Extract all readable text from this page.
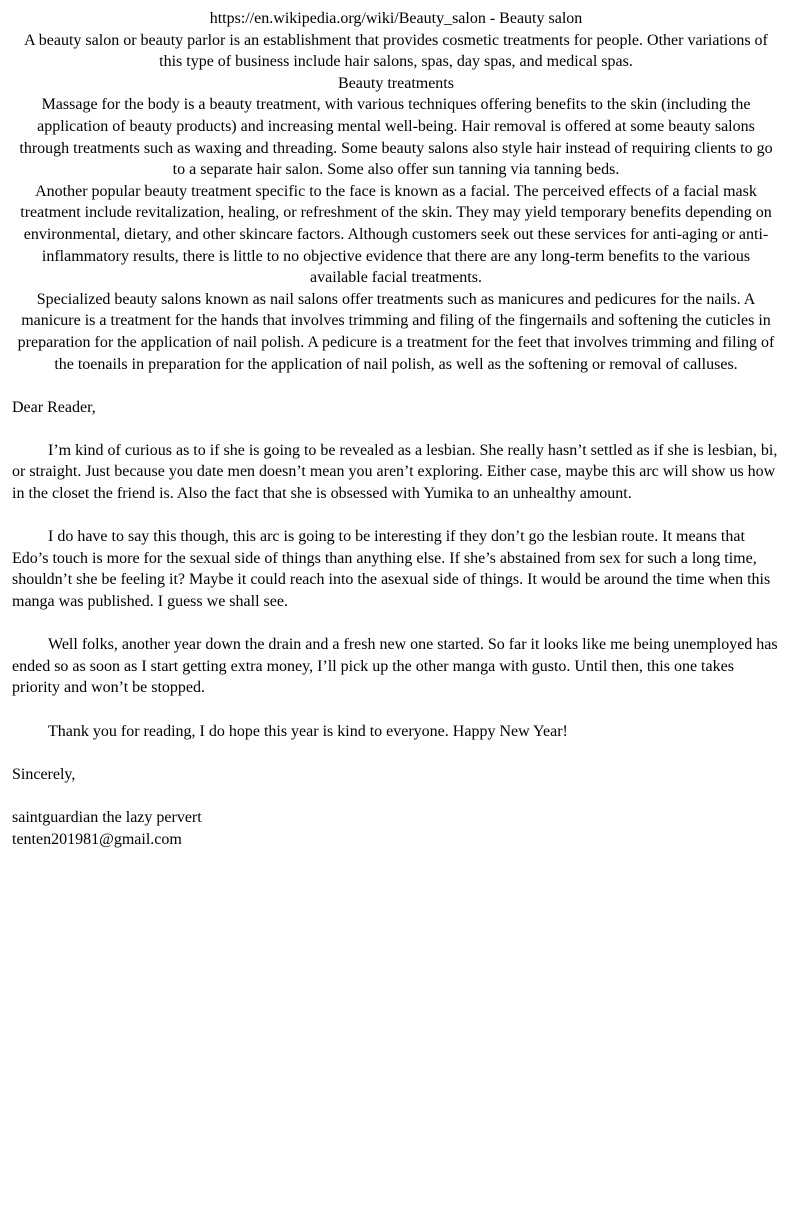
https://en.wikipedia.org/wiki/Beauty_salon - Beauty salon

A beauty salon or beauty parlor is an establishment that provides cosmetic treatments for people. Other variations of this type of business include hair salons, spas, day spas, and medical spas.

Beauty treatments

Massage for the body is a beauty treatment, with various techniques offering benefits to the skin (including the application of beauty products) and increasing mental well-being. Hair removal is offered at some beauty salons through treatments such as waxing and threading. Some beauty salons also style hair instead of requiring clients to go to a separate hair salon. Some also offer sun tanning via tanning beds.

Another popular beauty treatment specific to the face is known as a facial. The perceived effects of a facial mask treatment include revitalization, healing, or refreshment of the skin. They may yield temporary benefits depending on environmental, dietary, and other skincare factors. Although customers seek out these services for anti-aging or anti-inflammatory results, there is little to no objective evidence that there are any long-term benefits to the various available facial treatments.

Specialized beauty salons known as nail salons offer treatments such as manicures and pedicures for the nails. A manicure is a treatment for the hands that involves trimming and filing of the fingernails and softening the cuticles in preparation for the application of nail polish. A pedicure is a treatment for the feet that involves trimming and filing of the toenails in preparation for the application of nail polish, as well as the softening or removal of calluses.

Dear Reader,

I’m kind of curious as to if she is going to be revealed as a lesbian. She really hasn’t settled as if she is lesbian, bi, or straight. Just because you date men doesn’t mean you aren’t exploring. Either case, maybe this arc will show us how in the closet the friend is. Also the fact that she is obsessed with Yumika to an unhealthy amount.

I do have to say this though, this arc is going to be interesting if they don’t go the lesbian route. It means that Edo’s touch is more for the sexual side of things than anything else. If she’s abstained from sex for such a long time, shouldn’t she be feeling it? Maybe it could reach into the asexual side of things. It would be around the time when this manga was published. I guess we shall see.

Well folks, another year down the drain and a fresh new one started. So far it looks like me being unemployed has ended so as soon as I start getting extra money, I’ll pick up the other manga with gusto. Until then, this one takes priority and won’t be stopped.

Thank you for reading, I do hope this year is kind to everyone. Happy New Year!

Sincerely,

saintguardian the lazy pervert

tenten201981@gmail.com
